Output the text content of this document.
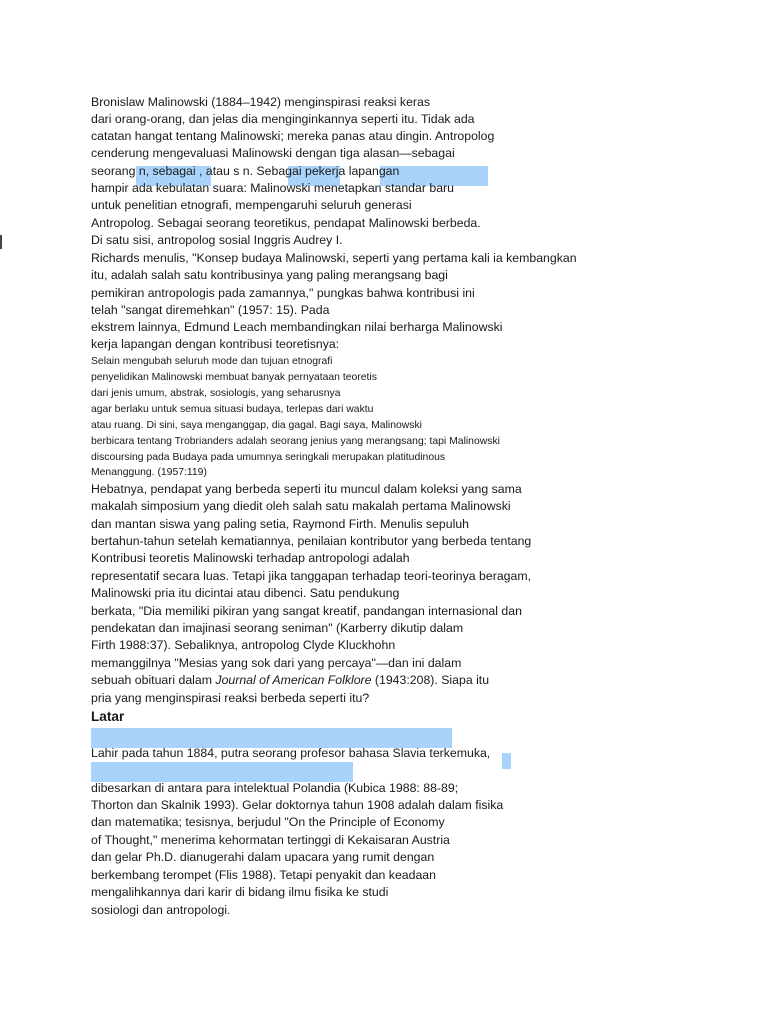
Bronislaw Malinowski (1884–1942) menginspirasi reaksi keras
dari orang-orang, dan jelas dia menginginkannya seperti itu. Tidak ada
catatan hangat tentang Malinowski; mereka panas atau dingin. Antropolog
cenderung mengevaluasi Malinowski dengan tiga alasan—sebagai
seorang n, sebagai , atau s n. Sebagai pekerja lapangan
hampir ada kebulatan suara: Malinowski menetapkan standar baru
untuk penelitian etnografi, mempengaruhi seluruh generasi
Antropolog. Sebagai seorang teoretikus, pendapat Malinowski berbeda.
Di satu sisi, antropolog sosial Inggris Audrey I.
Richards menulis, "Konsep budaya Malinowski, seperti yang pertama kali ia kembangkan
itu, adalah salah satu kontribusinya yang paling merangsang bagi
pemikiran antropologis pada zamannya," pungkas bahwa kontribusi ini
telah "sangat diremehkan" (1957: 15). Pada
ekstrem lainnya, Edmund Leach membandingkan nilai berharga Malinowski
kerja lapangan dengan kontribusi teoretisnya:
Selain mengubah seluruh mode dan tujuan etnografi
penyelidikan Malinowski membuat banyak pernyataan teoretis
dari jenis umum, abstrak, sosiologis, yang seharusnya
agar berlaku untuk semua situasi budaya, terlepas dari waktu
atau ruang. Di sini, saya menganggap, dia gagal. Bagi saya, Malinowski
berbicara tentang Trobrianders adalah seorang jenius yang merangsang; tapi Malinowski
discoursing pada Budaya pada umumnya seringkali merupakan platitudinous
Menanggung. (1957:119)
Hebatnya, pendapat yang berbeda seperti itu muncul dalam koleksi yang sama
makalah simposium yang diedit oleh salah satu makalah pertama Malinowski
dan mantan siswa yang paling setia, Raymond Firth. Menulis sepuluh
bertahun-tahun setelah kematiannya, penilaian kontributor yang berbeda tentang
Kontribusi teoretis Malinowski terhadap antropologi adalah
representatif secara luas. Tetapi jika tanggapan terhadap teori-teorinya beragam,
Malinowski pria itu dicintai atau dibenci. Satu pendukung
berkata, "Dia memiliki pikiran yang sangat kreatif, pandangan internasional dan
pendekatan dan imajinasi seorang seniman" (Karberry dikutip dalam
Firth 1988:37). Sebaliknya, antropolog Clyde Kluckhohn
memanggilnya "Mesias yang sok dari yang percaya"—dan ini dalam
sebuah obituari dalam Journal of American Folklore (1943:208). Siapa itu
pria yang menginspirasi reaksi berbeda seperti itu?
Latar
Lahir pada tahun 1884, putra seorang profesor bahasa Slavia terkemuka,
dibesarkan di antara para intelektual Polandia (Kubica 1988: 88-89;
Thorton dan Skalnik 1993). Gelar doktornya tahun 1908 adalah dalam fisika
dan matematika; tesisnya, berjudul "On the Principle of Economy
of Thought," menerima kehormatan tertinggi di Kekaisaran Austria
dan gelar Ph.D. dianugerahi dalam upacara yang rumit dengan
berkembang terompet (Flis 1988). Tetapi penyakit dan keadaan
mengalihkannya dari karir di bidang ilmu fisika ke studi
sosiologi dan antropologi.
